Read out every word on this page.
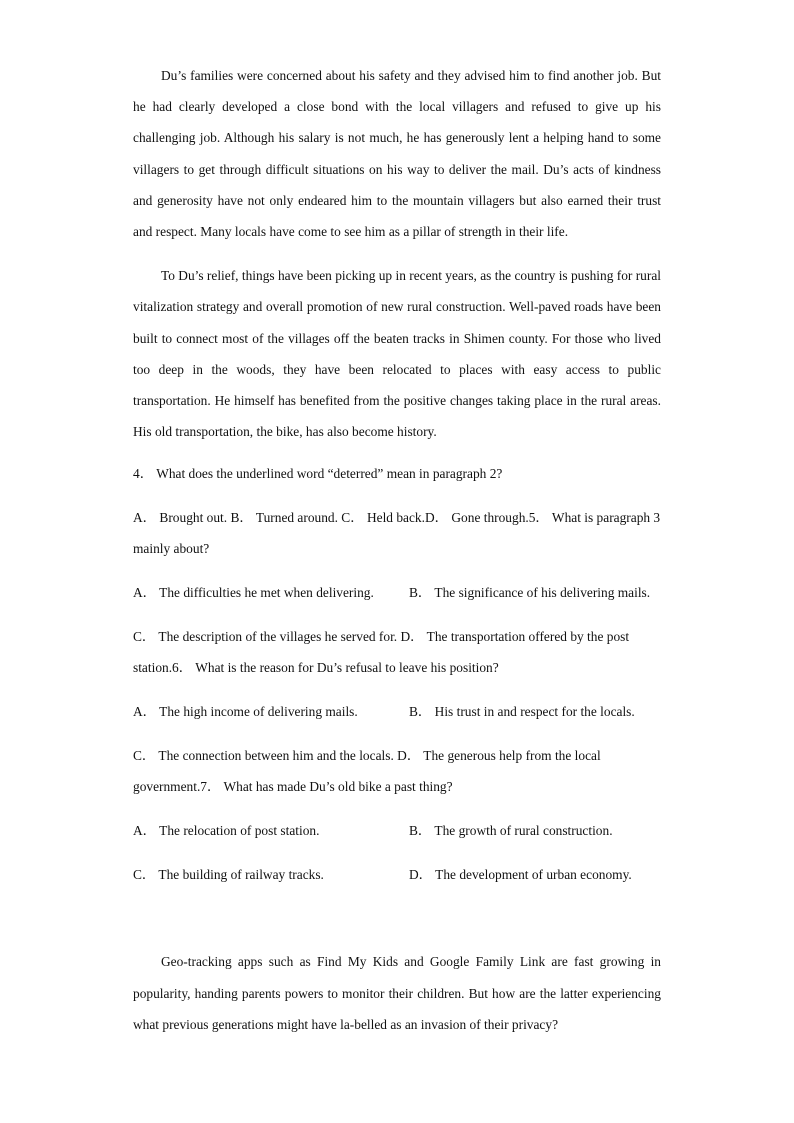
Du’s families were concerned about his safety and they advised him to find another job. But he had clearly developed a close bond with the local villagers and refused to give up his challenging job. Although his salary is not much, he has generously lent a helping hand to some villagers to get through difficult situations on his way to deliver the mail. Du’s acts of kindness and generosity have not only endeared him to the mountain villagers but also earned their trust and respect. Many locals have come to see him as a pillar of strength in their life.

To Du’s relief, things have been picking up in recent years, as the country is pushing for rural vitalization strategy and overall promotion of new rural construction. Well-paved roads have been built to connect most of the villages off the beaten tracks in Shimen county. For those who lived too deep in the woods, they have been relocated to places with easy access to public transportation. He himself has benefited from the positive changes taking place in the rural areas. His old transportation, the bike, has also become history.

4． What does the underlined word “deterred” mean in paragraph 2?

A． Brought out. B． Turned around. C． Held back.D． Gone through.5． What is paragraph 3 mainly about?

A． The difficulties he met when delivering.	B． The significance of his delivering mails.

C． The description of the villages he served for. D． The transportation offered by the post station.6． What is the reason for Du’s refusal to leave his position?

A． The high income of delivering mails.	B． His trust in and respect for the locals.

C． The connection between him and the locals. D． The generous help from the local government.7． What has made Du’s old bike a past thing?

A． The relocation of post station.	B． The growth of rural construction.
C． The building of railway tracks.	D． The development of urban economy.

Geo-tracking apps such as Find My Kids and Google Family Link are fast growing in popularity, handing parents powers to monitor their children. But how are the latter experiencing what previous generations might have la-belled as an invasion of their privacy?
